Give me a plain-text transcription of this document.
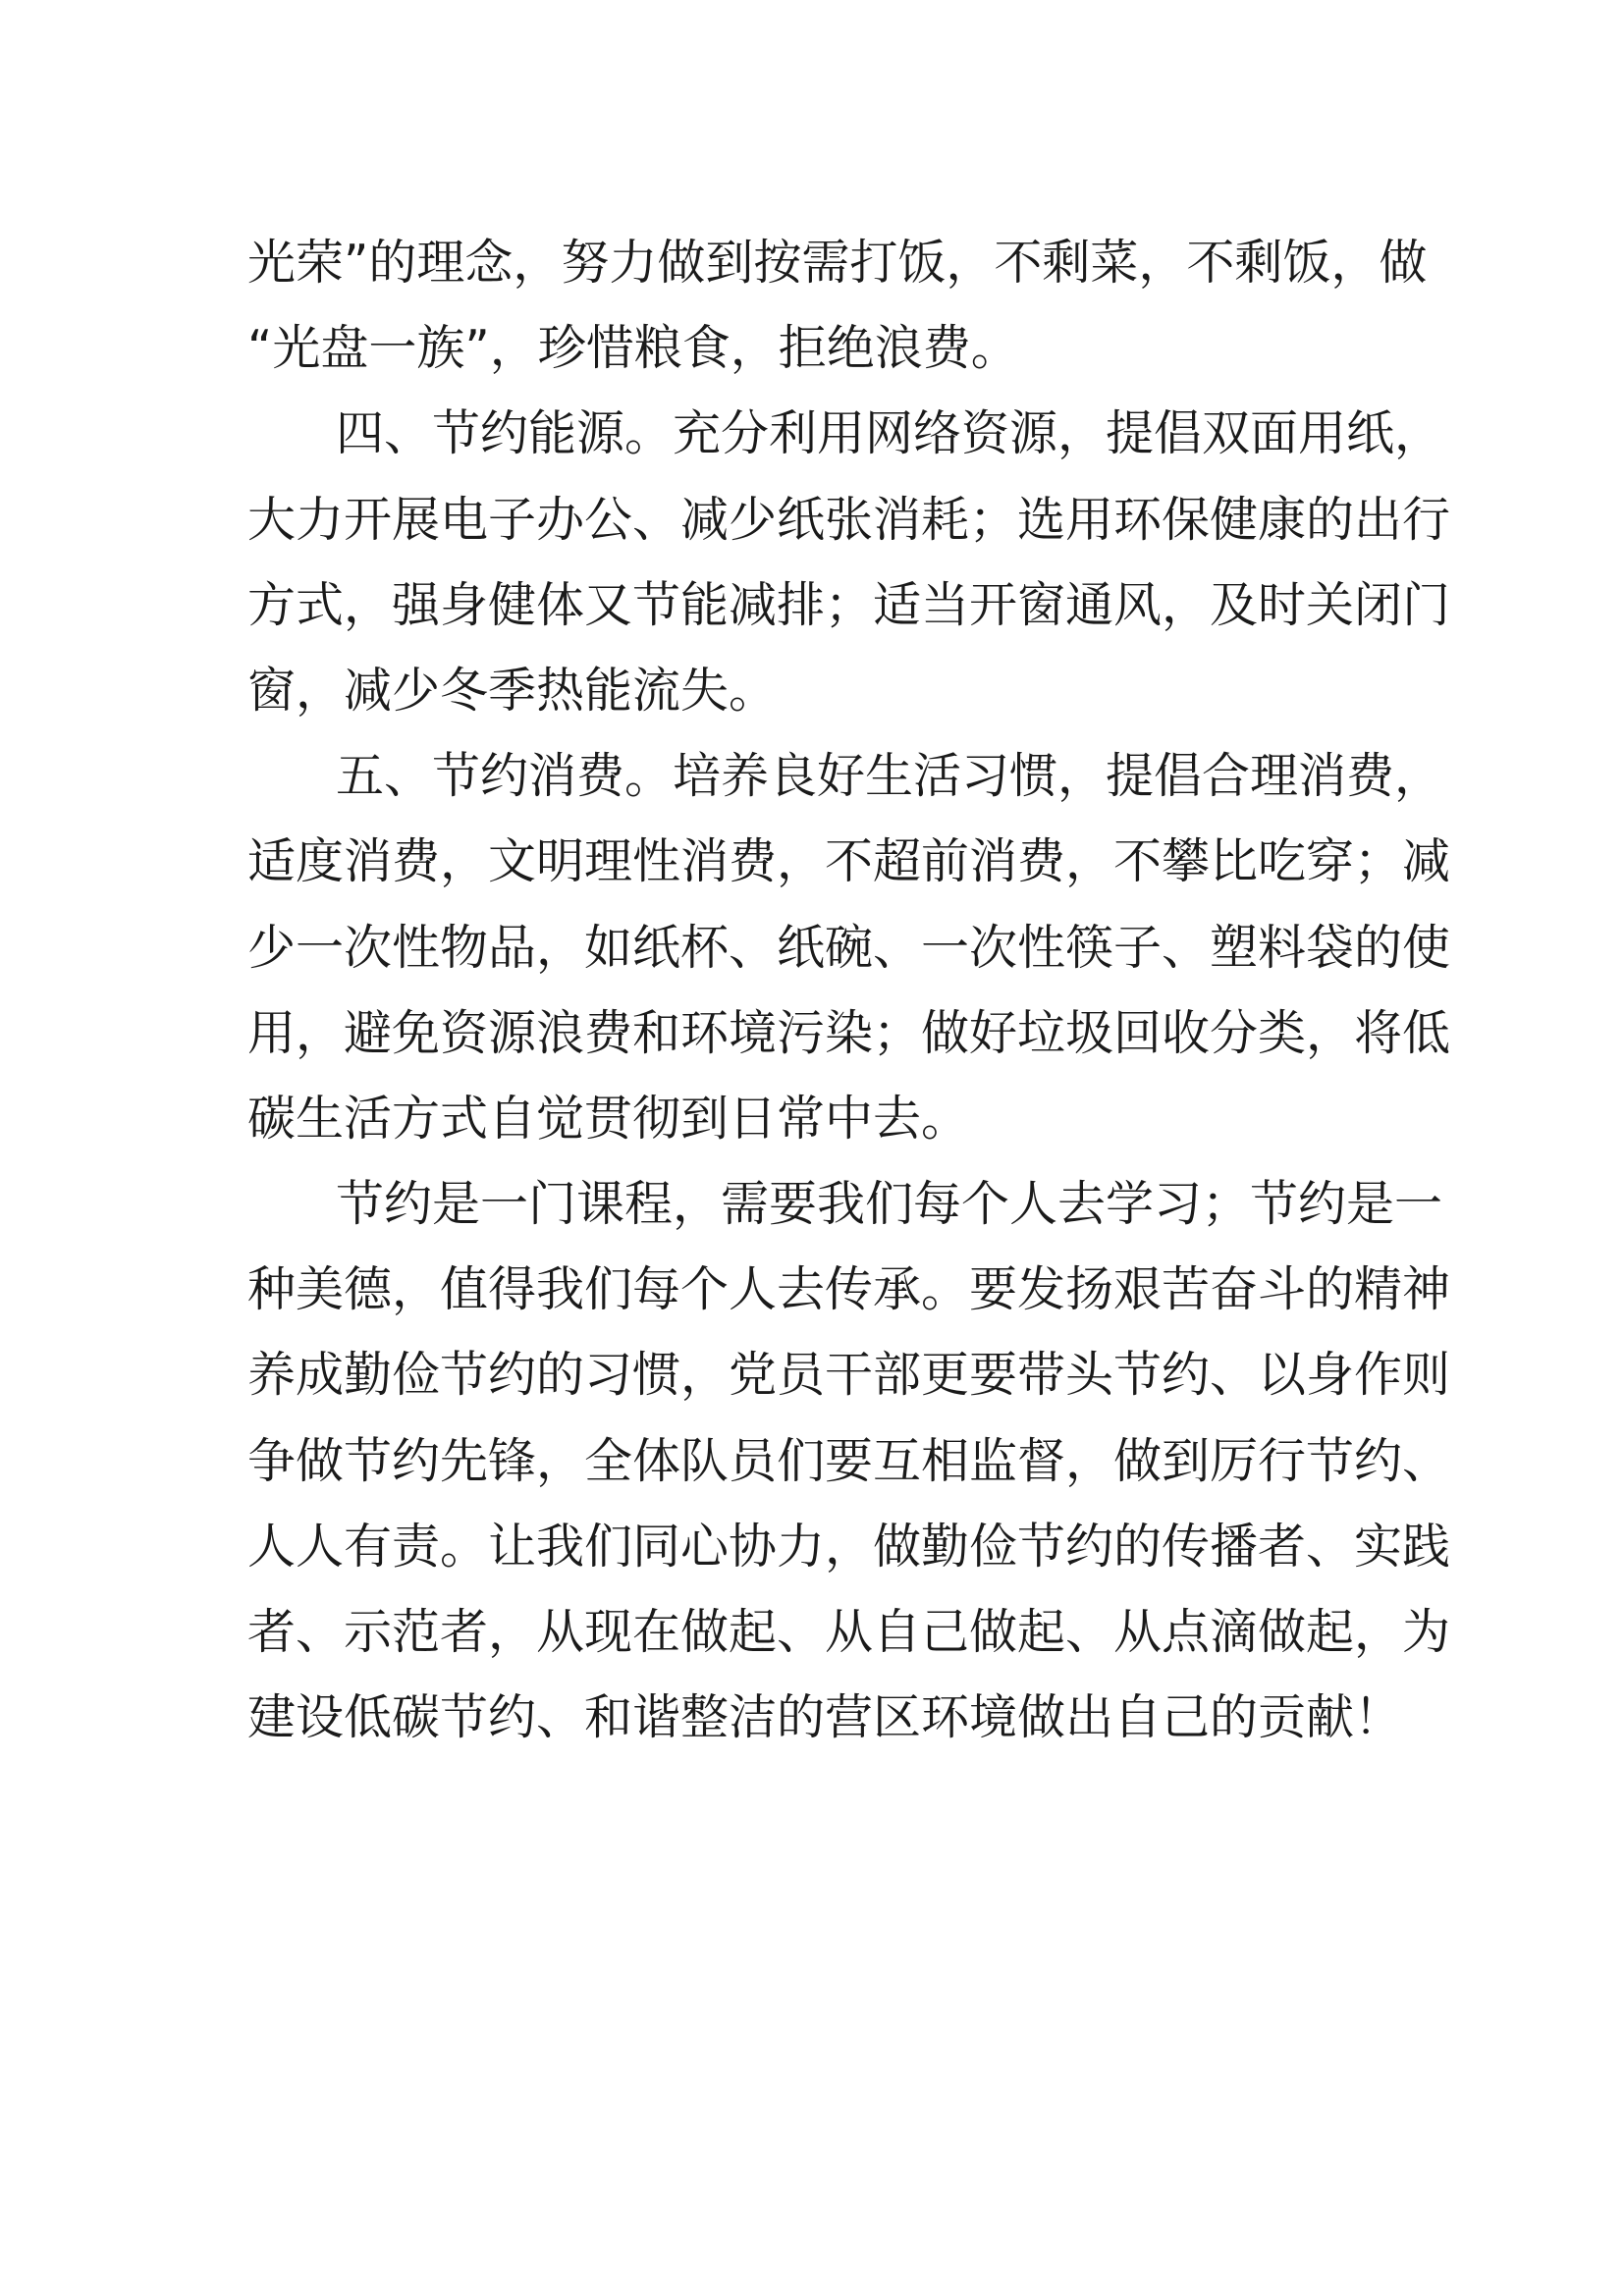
光荣”的理念，努力做到按需打饭，不剩菜，不剩饭，做
“光盘一族”，珍惜粮食，拒绝浪费。
四、节约能源。充分利用网络资源，提倡双面用纸，
大力开展电子办公、减少纸张消耗；选用环保健康的出行
方式，强身健体又节能减排；适当开窗通风，及时关闭门
窗，减少冬季热能流失。
五、节约消费。培养良好生活习惯，提倡合理消费，
适度消费，文明理性消费，不超前消费，不攀比吃穿；减
少一次性物品，如纸杯、纸碗、一次性筷子、塑料袋的使
用，避免资源浪费和环境污染；做好垃圾回收分类，将低
碳生活方式自觉贯彻到日常中去。
节约是一门课程，需要我们每个人去学习；节约是一
种美德，值得我们每个人去传承。要发扬艰苦奋斗的精神
养成勤俭节约的习惯，党员干部更要带头节约、以身作则
争做节约先锋，全体队员们要互相监督，做到厉行节约、
人人有责。让我们同心协力，做勤俭节约的传播者、实践
者、示范者，从现在做起、从自己做起、从点滴做起，为
建设低碳节约、和谐整洁的营区环境做出自己的贡献！
